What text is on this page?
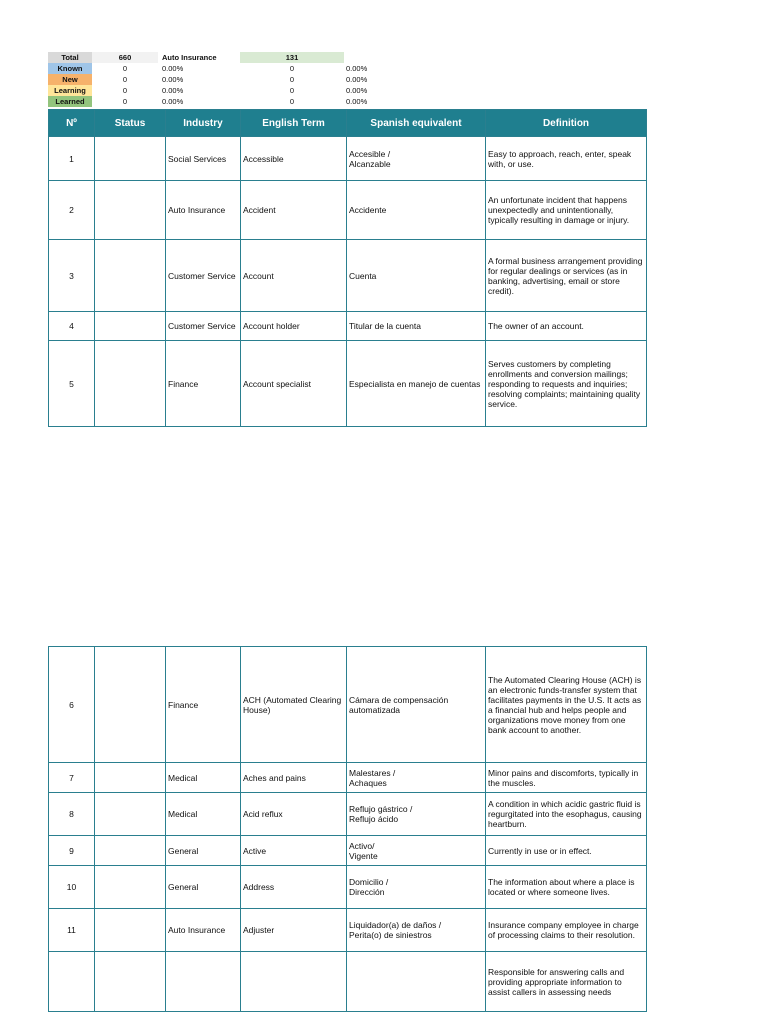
Total	660	Auto Insurance	131	
Known	0	0.00%	0	0.00%
New	0	0.00%	0	0.00%
Learning	0	0.00%	0	0.00%
Learned	0	0.00%	0	0.00%
Nº	Status	Industry	English Term	Spanish equivalent	Definition
1		Social Services	Accessible	Accesible /
Alcanzable	Easy to approach, reach, enter, speak with, or use.
2		Auto Insurance	Accident	Accidente	An unfortunate incident that happens unexpectedly and unintentionally, typically resulting in damage or injury.
3		Customer Service	Account	Cuenta	A formal business arrangement providing for regular dealings or services (as in banking, advertising, email or store credit).
4		Customer Service	Account holder	Titular de la cuenta	The owner of an account.
5		Finance	Account specialist	Especialista en manejo de cuentas	Serves customers by completing enrollments and conversion mailings; responding to requests and inquiries; resolving complaints; maintaining quality service.
6		Finance	ACH (Automated Clearing House)	Cámara de compensación automatizada	The Automated Clearing House (ACH) is an electronic funds-transfer system that facilitates payments in the U.S. It acts as a financial hub and helps people and organizations move money from one bank account to another.
7		Medical	Aches and pains	Malestares /
Achaques	Minor pains and discomforts, typically in the muscles.
8		Medical	Acid reflux	Reflujo gástrico /
Reflujo ácido	A condition in which acidic gastric fluid is regurgitated into the esophagus, causing heartburn.
9		General	Active	Activo/
Vigente	Currently in use or in effect.
10		General	Address	Domicilio /
Dirección	The information about where a place is located or where someone lives.
11		Auto Insurance	Adjuster	Liquidador(a) de daños /
Perita(o) de siniestros	Insurance company employee in charge of processing claims to their resolution.
					Responsible for answering calls and providing appropriate information to assist callers in assessing needs
